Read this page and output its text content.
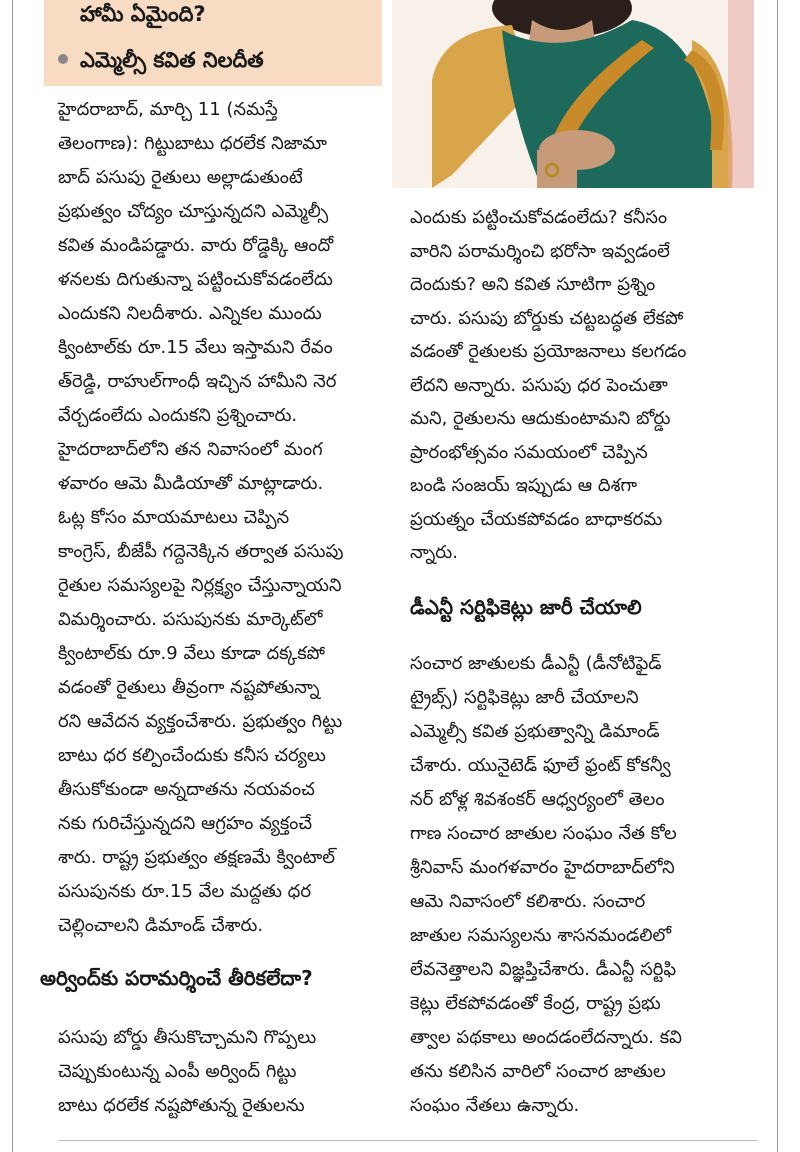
హామీ ఏమైంది?
ఎమ్మెల్సీ కవిత నిలదీత
హైదరాబాద్, మార్చి 11 (నమస్తే
తెలంగాణ): గిట్టుబాటు ధరలేక నిజామా
బాద్ పసుపు రైతులు అల్లాడుతుంటే
ప్రభుత్వం చోద్యం చూస్తున్నదని ఎమ్మెల్సీ
కవిత మండిపడ్డారు. వారు రోడ్డెక్కి ఆందో
ళనలకు దిగుతున్నా పట్టించుకోవడంలేదు
ఎందుకని నిలదీశారు. ఎన్నికల ముందు
క్వింటాల్‌కు రూ.15 వేలు ఇస్తామని రేవం
త్‌రెడ్డి, రాహుల్‌గాంధీ ఇచ్చిన హామీని నెర
వేర్చడంలేదు ఎందుకని ప్రశ్నించారు.
హైదరాబాద్‌లోని తన నివాసంలో మంగ
ళవారం ఆమె మీడియాతో మాట్లాడారు.
ఓట్ల కోసం మాయమాటలు చెప్పిన
కాంగ్రెస్, బీజేపీ గద్దెనెక్కిన తర్వాత పసుపు
రైతుల సమస్యలపై నిర్లక్ష్యం చేస్తున్నాయని
విమర్శించారు. పసుపునకు మార్కెట్‌లో
క్వింటాల్‌కు రూ.9 వేలు కూడా దక్కకపో
వడంతో రైతులు తీవ్రంగా నష్టపోతున్నా
రని ఆవేదన వ్యక్తంచేశారు. ప్రభుత్వం గిట్టు
బాటు ధర కల్పించేందుకు కనీస చర్యలు
తీసుకోకుండా అన్నదాతను నయవంచ
నకు గురిచేస్తున్నదని ఆగ్రహం వ్యక్తంచే
శారు. రాష్ట్ర ప్రభుత్వం తక్షణమే క్వింటాల్
పసుపునకు రూ.15 వేల మద్దతు ధర
చెల్లించాలని డిమాండ్ చేశారు.
అర్వింద్‌కు పరామర్శించే తీరికలేదా?
పసుపు బోర్డు తీసుకొచ్చామని గొప్పలు
చెప్పుకుంటున్న ఎంపీ అర్వింద్ గిట్టు
బాటు ధరలేక నష్టపోతున్న రైతులను
ఎందుకు పట్టించుకోవడంలేదు? కనీసం
వారిని పరామర్శించి భరోసా ఇవ్వడంలే
దెందుకు? అని కవిత సూటిగా ప్రశ్నిం
చారు. పసుపు బోర్డుకు చట్టబద్ధత లేకపో
వడంతో రైతులకు ప్రయోజనాలు కలగడం
లేదని అన్నారు. పసుపు ధర పెంచుతా
మని, రైతులను ఆదుకుంటామని బోర్డు
ప్రారంభోత్సవం సమయంలో చెప్పిన
బండి సంజయ్ ఇప్పుడు ఆ దిశగా
ప్రయత్నం చేయకపోవడం బాధాకరమ
న్నారు.
డీఎన్టీ సర్టిఫికెట్లు జారీ చేయాలి
సంచార జాతులకు డీఎన్టీ (డీనోటిఫైడ్
ట్రైబ్స్) సర్టిఫికెట్లు జారీ చేయాలని
ఎమ్మెల్సీ కవిత ప్రభుత్వాన్ని డిమాండ్
చేశారు. యునైటెడ్ ఫూలే ఫ్రంట్ కోకన్వీ
నర్ బోళ్ల శివశంకర్ ఆధ్వర్యంలో తెలం
గాణ సంచార జాతుల సంఘం నేత కోల
శ్రీనివాస్ మంగళవారం హైదరాబాద్‌లోని
ఆమె నివాసంలో కలిశారు. సంచార
జాతుల సమస్యలను శాసనమండలిలో
లేవనెత్తాలని విజ్ఞప్తిచేశారు. డీఎన్టీ సర్టిఫి
కెట్లు లేకపోవడంతో కేంద్ర, రాష్ట్ర ప్రభు
త్వాల పథకాలు అందడంలేదన్నారు. కవి
తను కలిసిన వారిలో సంచార జాతుల
సంఘం నేతలు ఉన్నారు.
